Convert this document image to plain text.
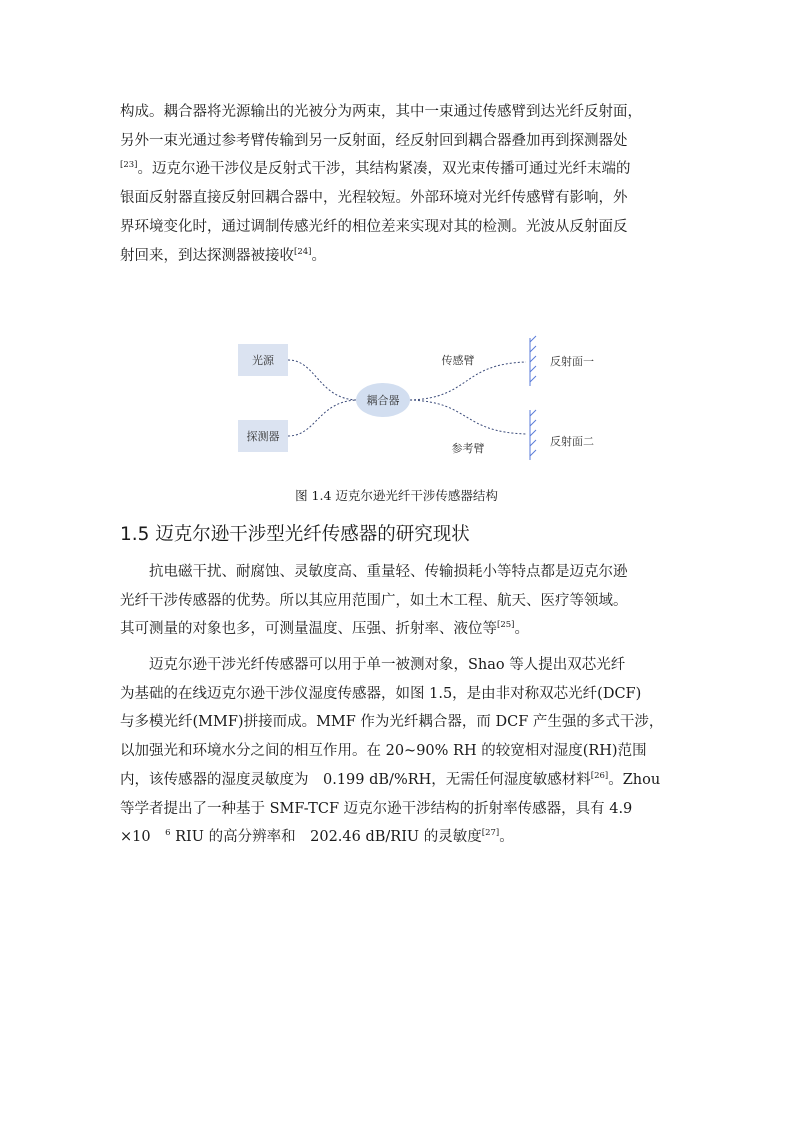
构成。耦合器将光源输出的光被分为两束，其中一束通过传感臂到达光纤反射面，
另外一束光通过参考臂传输到另一反射面，经反射回到耦合器叠加再到探测器处
[23]。迈克尔逊干涉仪是反射式干涉，其结构紧凑，双光束传播可通过光纤末端的
银面反射器直接反射回耦合器中，光程较短。外部环境对光纤传感臂有影响，外
界环境变化时，通过调制传感光纤的相位差来实现对其的检测。光波从反射面反
射回来，到达探测器被接收[24]。
光源
探测器
耦合器
传感臂
参考臂
反射面一
反射面二
图 1.4 迈克尔逊光纤干涉传感器结构
1.5 迈克尔逊干涉型光纤传感器的研究现状
　　抗电磁干扰、耐腐蚀、灵敏度高、重量轻、传输损耗小等特点都是迈克尔逊
光纤干涉传感器的优势。所以其应用范围广，如土木工程、航天、医疗等领域。
其可测量的对象也多，可测量温度、压强、折射率、液位等[25]。
　　迈克尔逊干涉光纤传感器可以用于单一被测对象，Shao 等人提出双芯光纤
为基础的在线迈克尔逊干涉仪湿度传感器，如图 1.5，是由非对称双芯光纤(DCF)
与多模光纤(MMF)拼接而成。MMF 作为光纤耦合器，而 DCF 产生强的多式干涉，
以加强光和环境水分之间的相互作用。在 20~90% RH 的较宽相对湿度(RH)范围
内，该传感器的湿度灵敏度为　0.199 dB/%RH，无需任何湿度敏感材料[26]。Zhou
等学者提出了一种基于 SMF-TCF 迈克尔逊干涉结构的折射率传感器，具有 4.9
×10　$^6$ RIU 的高分辨率和　202.46 dB/RIU 的灵敏度[27]。
